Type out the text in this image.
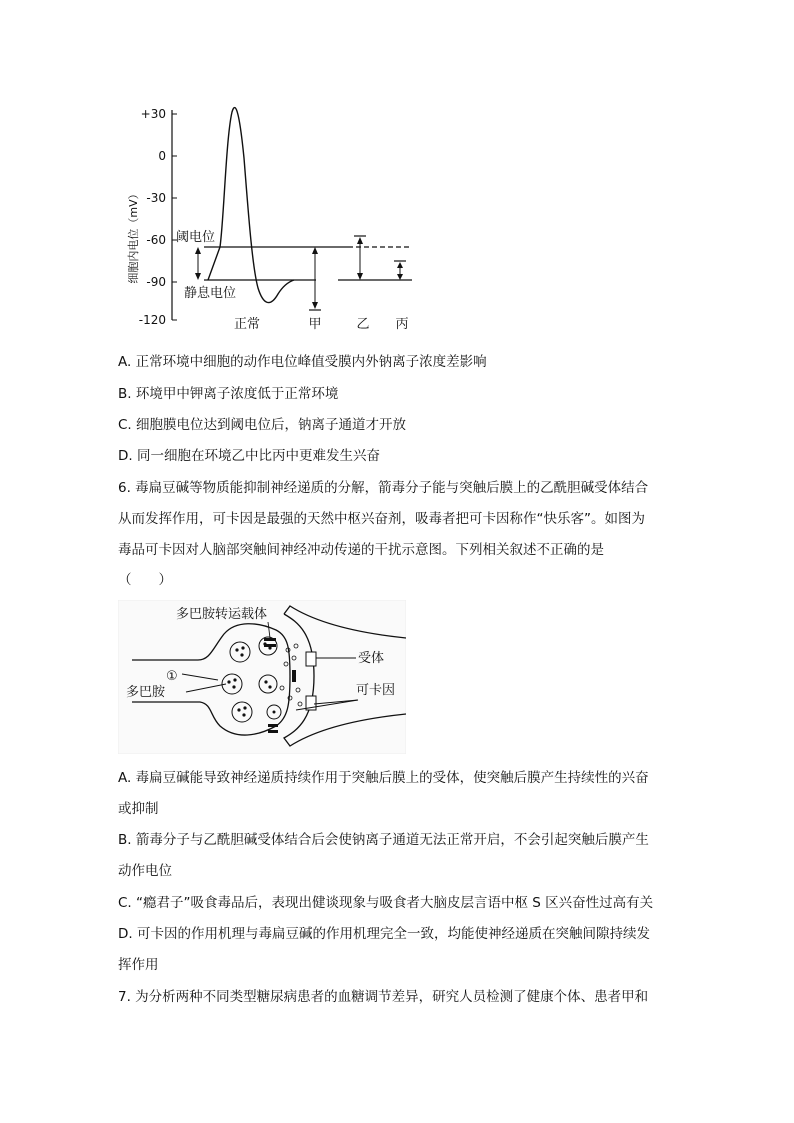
+30
0
-30
-60
-90
-120
细胞内电位（mV）	阈电位
静息电位
正常	甲	乙 丙
A. 正常环境中细胞的动作电位峰值受膜内外钠离子浓度差影响
B. 环境甲中钾离子浓度低于正常环境
C. 细胞膜电位达到阈电位后，钠离子通道才开放
D. 同一细胞在环境乙中比丙中更难发生兴奋
6. 毒扁豆碱等物质能抑制神经递质的分解，箭毒分子能与突触后膜上的乙酰胆碱受体结合
从而发挥作用，可卡因是最强的天然中枢兴奋剂，吸毒者把可卡因称作“快乐客”。如图为
毒品可卡因对人脑部突触间神经冲动传递的干扰示意图。下列相关叙述不正确的是
（　　）
多巴胺转运载体
受体
①
多巴胺	可卡因
A. 毒扁豆碱能导致神经递质持续作用于突触后膜上的受体，使突触后膜产生持续性的兴奋
或抑制
B. 箭毒分子与乙酰胆碱受体结合后会使钠离子通道无法正常开启，不会引起突触后膜产生
动作电位
C. “瘾君子”吸食毒品后，表现出健谈现象与吸食者大脑皮层言语中枢 S 区兴奋性过高有关
D. 可卡因的作用机理与毒扁豆碱的作用机理完全一致，均能使神经递质在突触间隙持续发
挥作用
7. 为分析两种不同类型糖尿病患者的血糖调节差异，研究人员检测了健康个体、患者甲和
